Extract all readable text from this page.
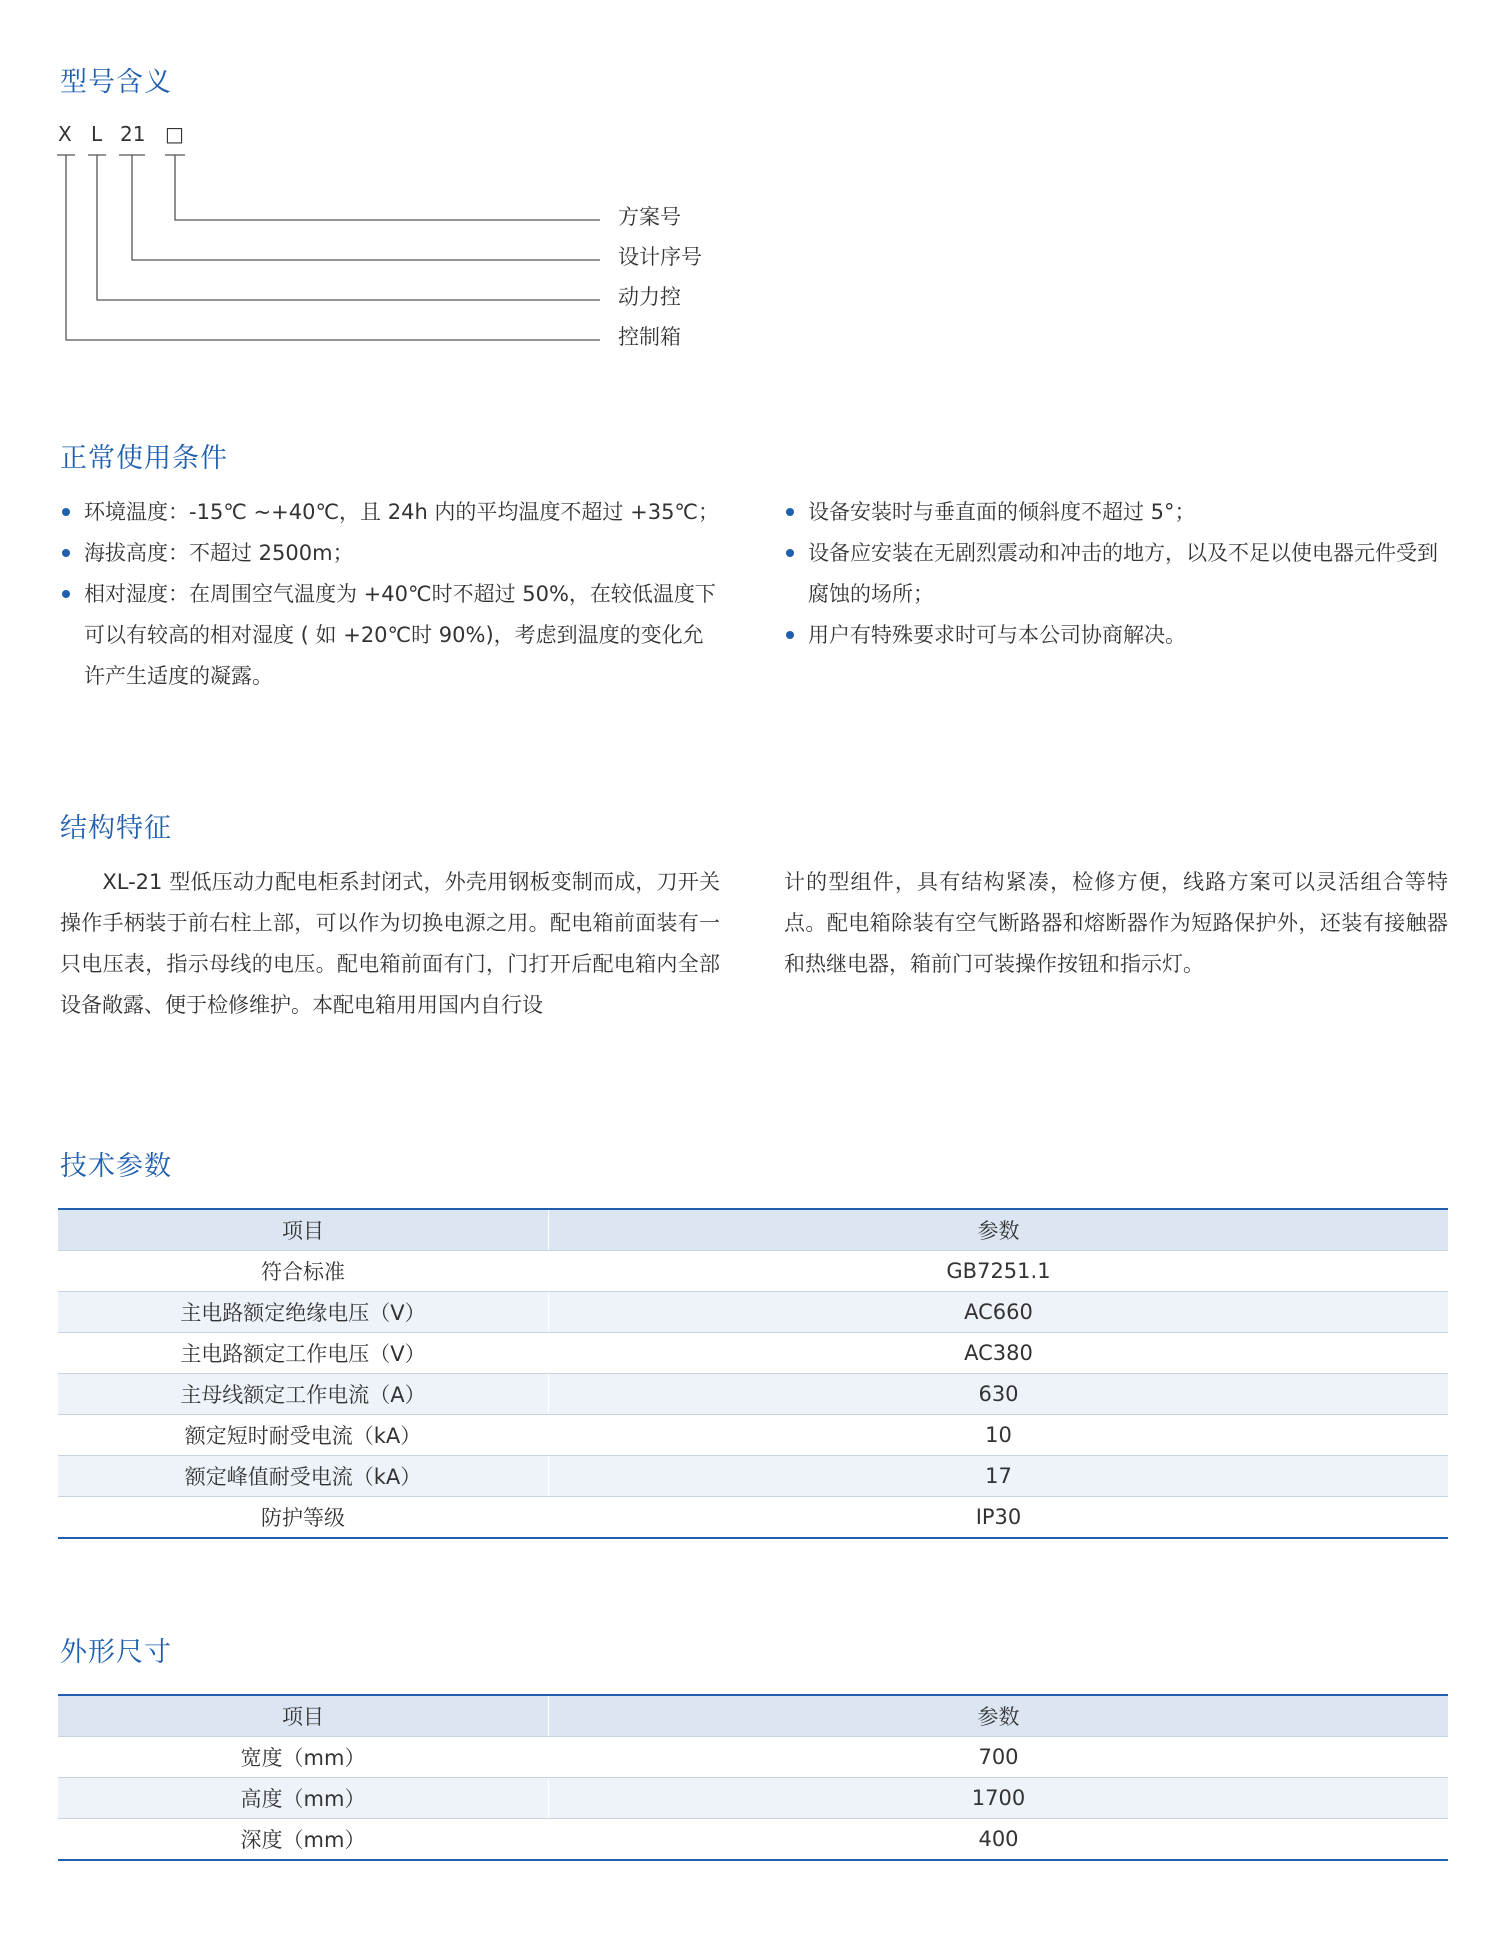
型号含义
X L 21 □
方案号
设计序号
动力控
控制箱
正常使用条件
环境温度：-15℃ ~+40℃，且 24h 内的平均温度不超过 +35℃；
海拔高度：不超过 2500m；
相对湿度：在周围空气温度为 +40℃时不超过 50%，在较低温度下可以有较高的相对湿度 ( 如 +20℃时 90%)，考虑到温度的变化允许产生适度的凝露。
设备安装时与垂直面的倾斜度不超过 5°；
设备应安装在无剧烈震动和冲击的地方，以及不足以使电器元件受到腐蚀的场所；
用户有特殊要求时可与本公司协商解决。
结构特征

　　XL-21 型低压动力配电柜系封闭式，外壳用钢板变制而成，刀开关操作手柄装于前右柱上部，可以作为切换电源之用。配电箱前面装有一只电压表，指示母线的电压。配电箱前面有门，门打开后配电箱内全部设备敞露、便于检修维护。本配电箱用用国内自行设

计的型组件，具有结构紧凑，检修方便，线路方案可以灵活组合等特点。配电箱除装有空气断路器和熔断器作为短路保护外，还装有接触器和热继电器，箱前门可装操作按钮和指示灯。

技术参数
项目	参数
符合标准	GB7251.1
主电路额定绝缘电压（V）	AC660
主电路额定工作电压（V）	AC380
主母线额定工作电流（A）	630
额定短时耐受电流（kA）	10
额定峰值耐受电流（kA）	17
防护等级	IP30
外形尺寸
项目	参数
宽度（mm）	700
高度（mm）	1700
深度（mm）	400
